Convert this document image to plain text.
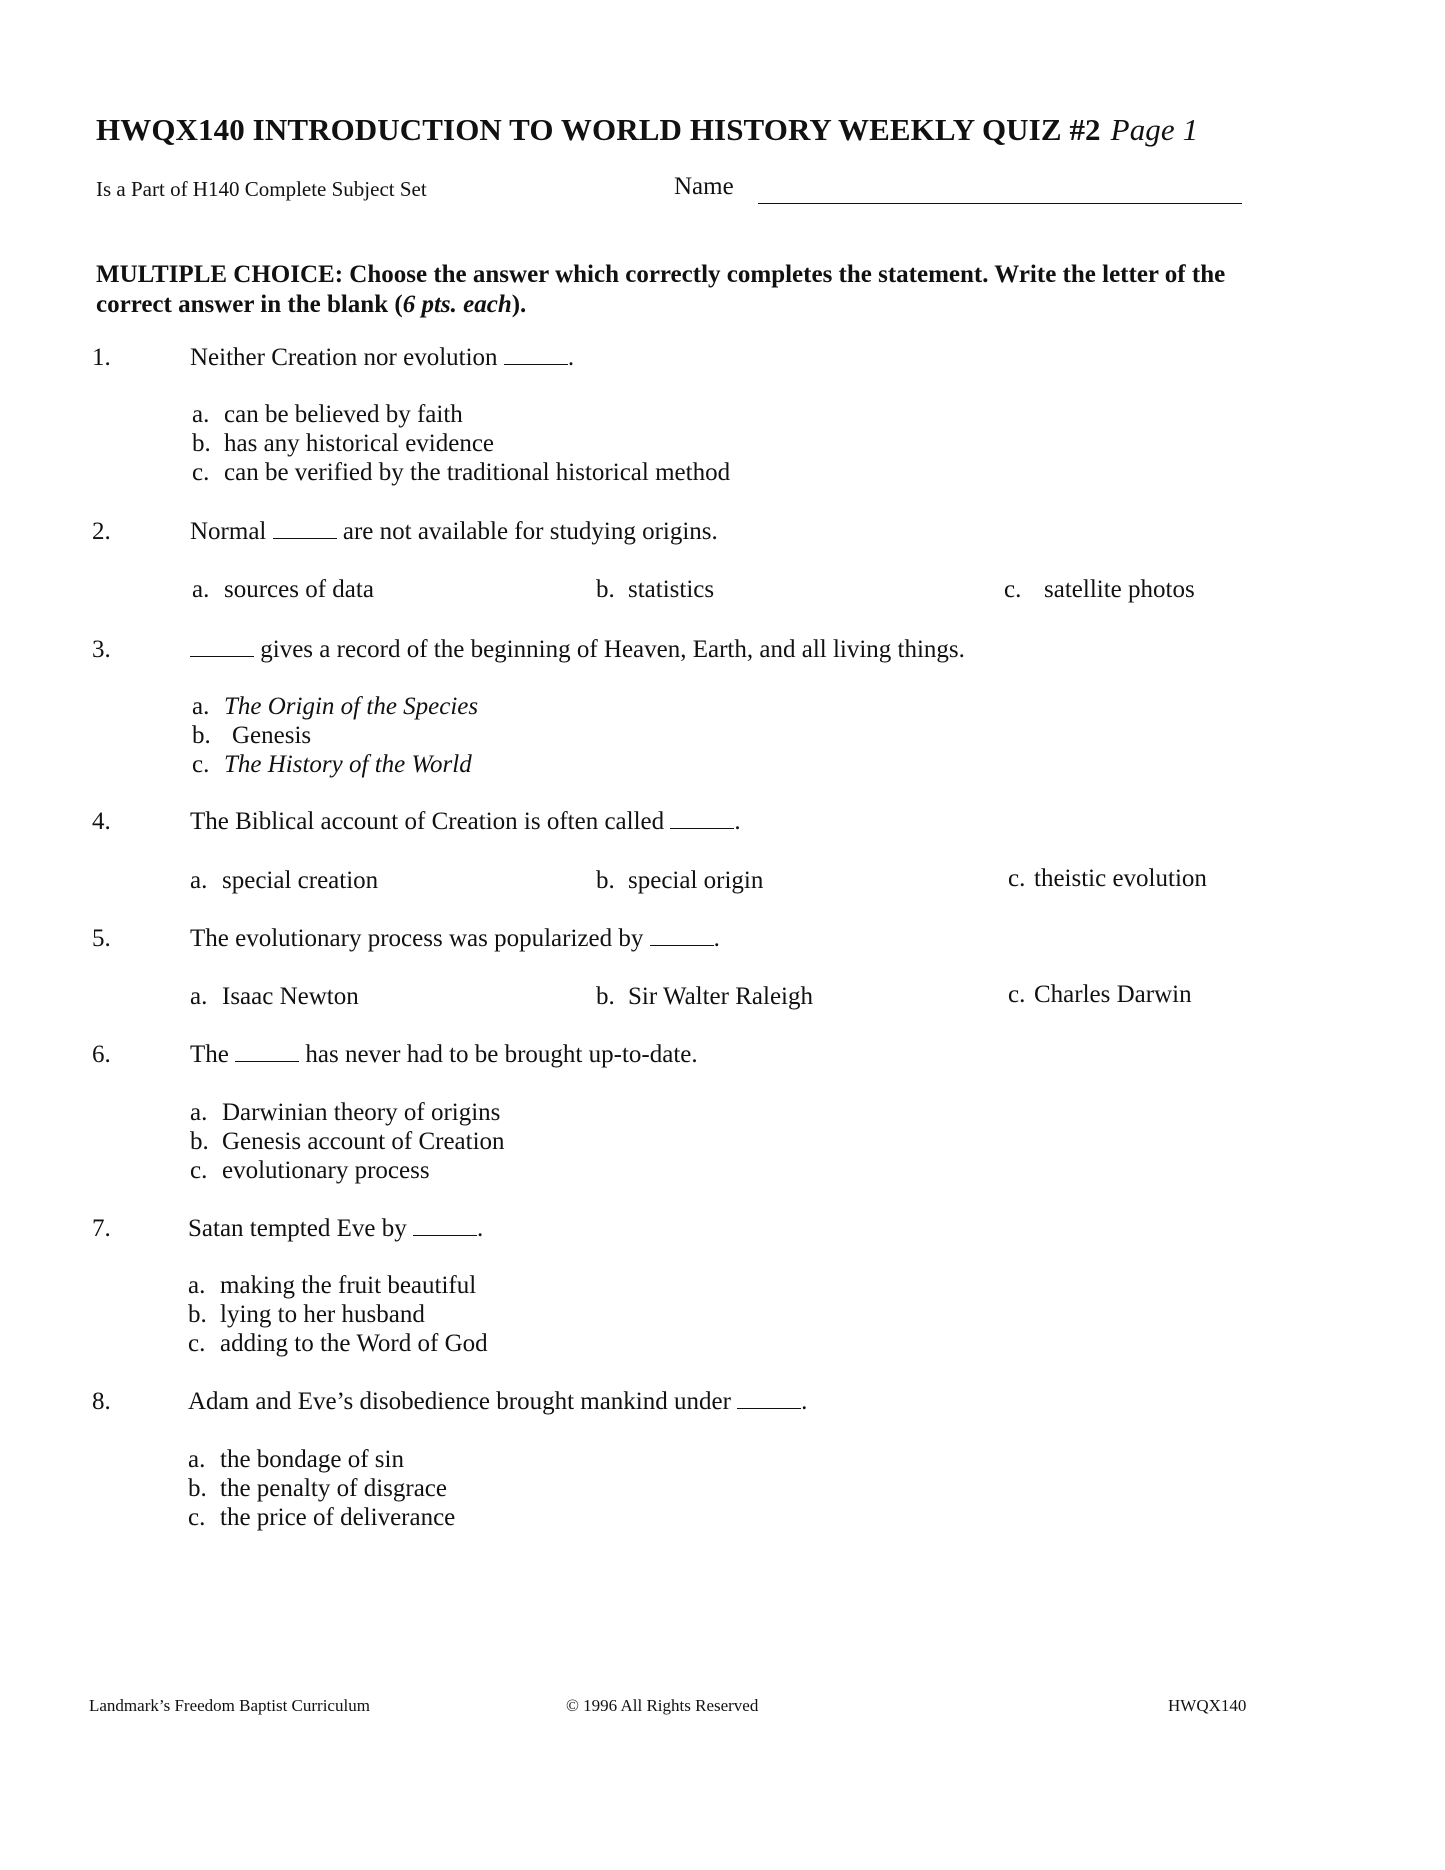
HWQX140 INTRODUCTION TO WORLD HISTORY WEEKLY QUIZ #2 Page 1
Is a Part of H140 Complete Subject Set	Name
MULTIPLE CHOICE: Choose the answer which correctly completes the statement. Write the letter of the correct answer in the blank (6 pts. each).
1.	Neither Creation nor evolution	.
a. can be believed by faith
b. has any historical evidence
c. can be verified by the traditional historical method
2.	Normal	are not available for studying origins.
a. sources of data	b. statistics	c. satellite photos
3.	gives a record of the beginning of Heaven, Earth, and all living things.
a. The Origin of the Species
b. Genesis
c. The History of the World
4.	The Biblical account of Creation is often called	.
a. special creation	b. special origin	c. theistic evolution
5.	The evolutionary process was popularized by	.
a. Isaac Newton	b. Sir Walter Raleigh	c. Charles Darwin
6.	The	has never had to be brought up-to-date.
a. Darwinian theory of origins
b. Genesis account of Creation
c. evolutionary process
7.	Satan tempted Eve by	.
a. making the fruit beautiful
b. lying to her husband
c. adding to the Word of God
8.	Adam and Eve’s disobedience brought mankind under	.
a. the bondage of sin
b. the penalty of disgrace
c. the price of deliverance
Landmark’s Freedom Baptist Curriculum	© 1996 All Rights Reserved	HWQX140
